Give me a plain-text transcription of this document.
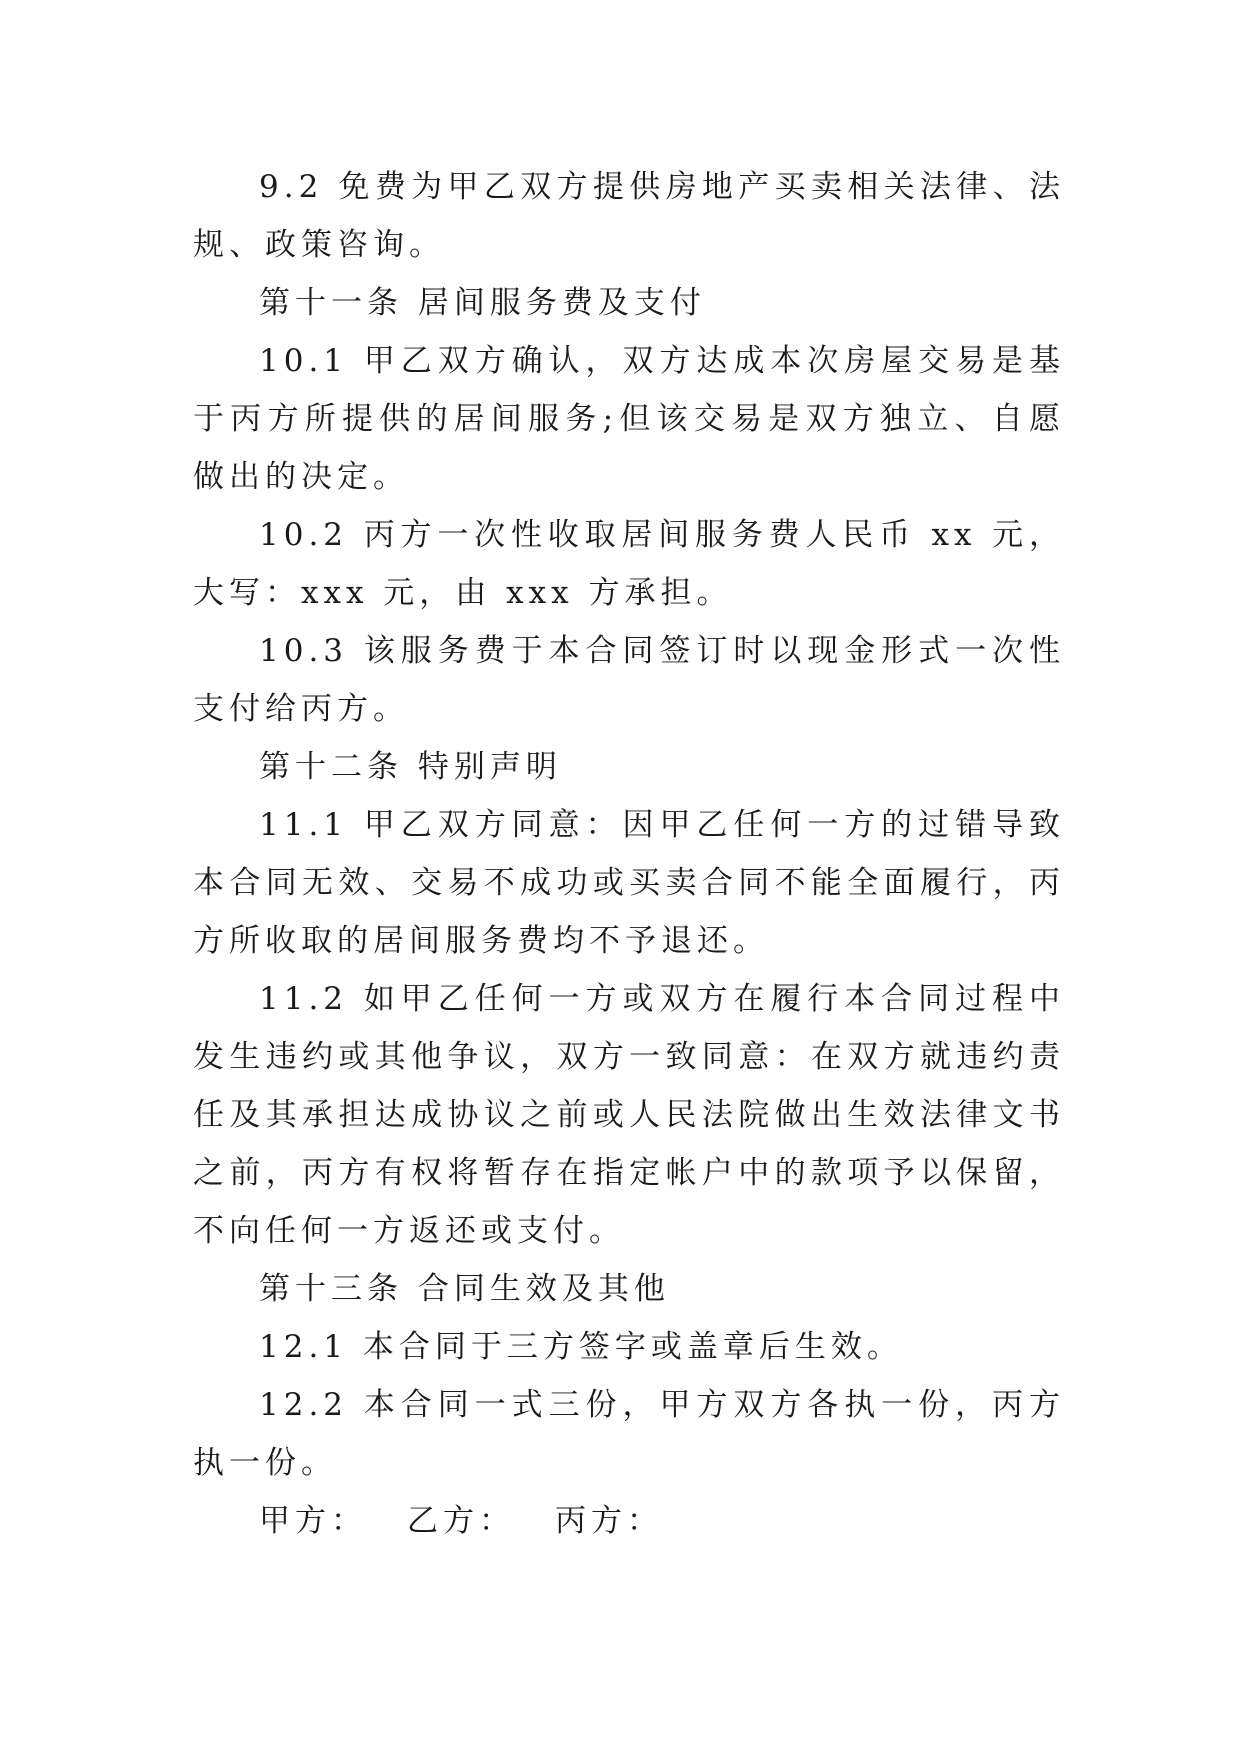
9.2 免费为甲乙双方提供房地产买卖相关法律、法规、政策咨询。

第十一条 居间服务费及支付

10.1 甲乙双方确认，双方达成本次房屋交易是基于丙方所提供的居间服务;但该交易是双方独立、自愿做出的决定。

10.2 丙方一次性收取居间服务费人民币 xx 元，大写：xxx 元，由 xxx 方承担。

10.3 该服务费于本合同签订时以现金形式一次性支付给丙方。

第十二条 特别声明

11.1 甲乙双方同意：因甲乙任何一方的过错导致本合同无效、交易不成功或买卖合同不能全面履行，丙方所收取的居间服务费均不予退还。

11.2 如甲乙任何一方或双方在履行本合同过程中发生违约或其他争议，双方一致同意：在双方就违约责任及其承担达成协议之前或人民法院做出生效法律文书之前，丙方有权将暂存在指定帐户中的款项予以保留，不向任何一方返还或支付。

第十三条 合同生效及其他

12.1 本合同于三方签字或盖章后生效。

12.2 本合同一式三份，甲方双方各执一份，丙方执一份。

甲方： 乙方： 丙方：
